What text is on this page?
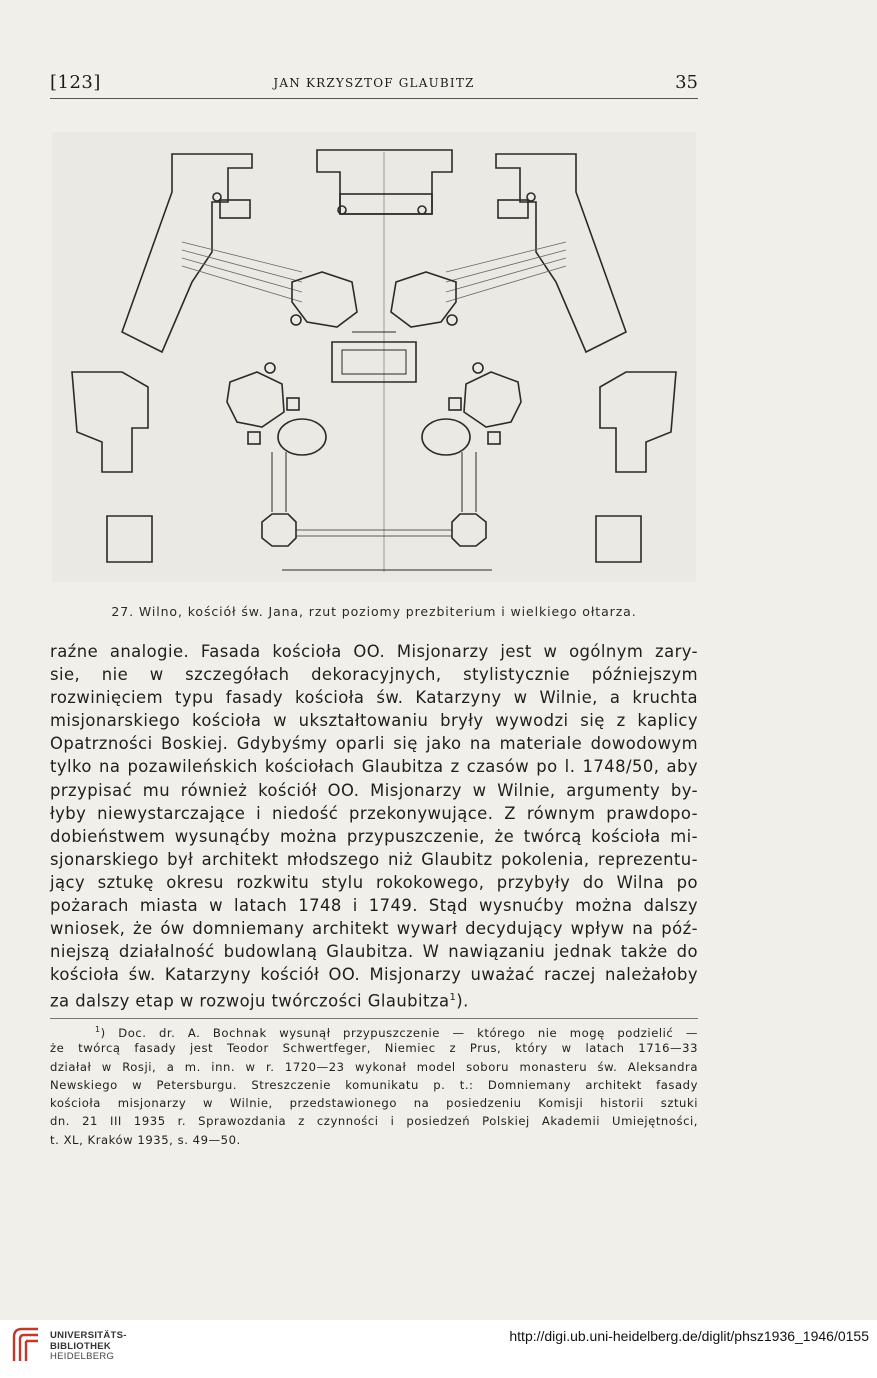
[123]	JAN KRZYSZTOF GLAUBITZ	35
27. Wilno, kościół św. Jana, rzut poziomy prezbiterium i wielkiego ołtarza.
raźne analogie. Fasada kościoła OO. Misjonarzy jest w ogólnym zary-
sie, nie w szczegółach dekoracyjnych, stylistycznie późniejszym
rozwinięciem typu fasady kościoła św. Katarzyny w Wilnie, a kruchta
misjonarskiego kościoła w ukształtowaniu bryły wywodzi się z kaplicy
Opatrzności Boskiej. Gdybyśmy oparli się jako na materiale dowodowym
tylko na pozawileńskich kościołach Glaubitza z czasów po l. 1748/50, aby
przypisać mu również kościół OO. Misjonarzy w Wilnie, argumenty by-
łyby niewystarczające i niedość przekonywujące. Z równym prawdopo-
dobieństwem wysunąćby można przypuszczenie, że twórcą kościoła mi-
sjonarskiego był architekt młodszego niż Glaubitz pokolenia, reprezentu-
jący sztukę okresu rozkwitu stylu rokokowego, przybyły do Wilna po
pożarach miasta w latach 1748 i 1749. Stąd wysnućby można dalszy
wniosek, że ów domniemany architekt wywarł decydujący wpływ na póź-
niejszą działalność budowlaną Glaubitza. W nawiązaniu jednak także do
kościoła św. Katarzyny kościół OO. Misjonarzy uważać raczej należałoby
za dalszy etap w rozwoju twórczości Glaubitza$^1$).
$^1$) Doc. dr. A. Bochnak wysunął przypuszczenie — którego nie mogę podzielić —
że twórcą fasady jest Teodor Schwertfeger, Niemiec z Prus, który w latach 1716—33
działał w Rosji, a m. inn. w r. 1720—23 wykonał model soboru monasteru św. Aleksandra
Newskiego w Petersburgu. Streszczenie komunikatu p. t.: Domniemany architekt fasady
kościoła misjonarzy w Wilnie, przedstawionego na posiedzeniu Komisji historii sztuki
dn. 21 III 1935 r. Sprawozdania z czynności i posiedzeń Polskiej Akademii Umiejętności,
t. XL, Kraków 1935, s. 49—50.
UNIVERSITÄTS-
BIBLIOTHEK
HEIDELBERG
http://digi.ub.uni-heidelberg.de/diglit/phsz1936_1946/0155
